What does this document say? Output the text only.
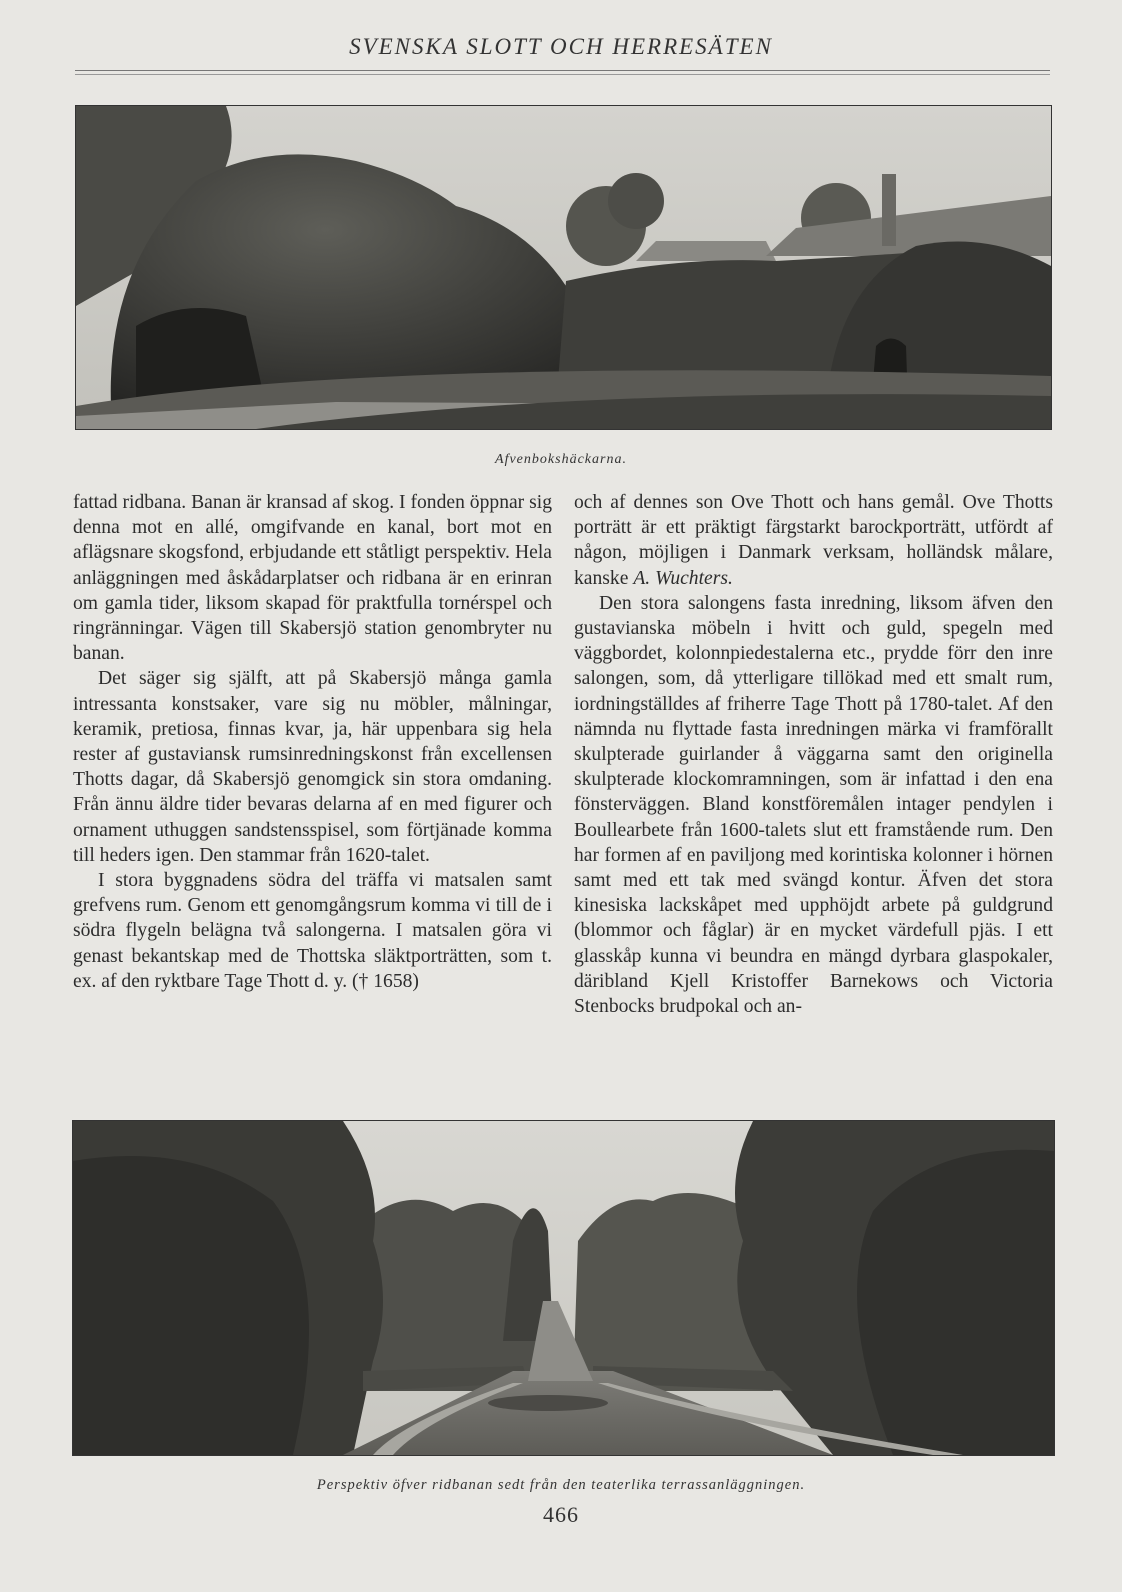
SVENSKA SLOTT OCH HERRESÄTEN
Afvenbokshäckarna.

fattad ridbana. Banan är kransad af skog. I fonden öppnar sig denna mot en allé, omgifvande en kanal, bort mot en aflägsnare skogsfond, erbjudande ett ståtligt perspektiv. Hela anläggningen med åskådarplatser och ridbana är en erinran om gamla tider, liksom skapad för praktfulla tornérspel och ringränningar. Vägen till Skabersjö station genombryter nu banan.

Det säger sig själft, att på Skabersjö många gamla intressanta konstsaker, vare sig nu möbler, målningar, keramik, pretiosa, finnas kvar, ja, här uppenbara sig hela rester af gustaviansk rumsinredningskonst från excellensen Thotts dagar, då Skabersjö genomgick sin stora omdaning. Från ännu äldre tider bevaras delarna af en med figurer och ornament uthuggen sandstensspisel, som förtjänade komma till heders igen. Den stammar från 1620-talet.

I stora byggnadens södra del träffa vi matsalen samt grefvens rum. Genom ett genomgångsrum komma vi till de i södra flygeln belägna två salongerna. I matsalen göra vi genast bekantskap med de Thottska släktporträtten, som t. ex. af den ryktbare Tage Thott d. y. († 1658)

och af dennes son Ove Thott och hans gemål. Ove Thotts porträtt är ett präktigt färgstarkt barockporträtt, utfördt af någon, möjligen i Danmark verksam, holländsk målare, kanske A. Wuchters.

Den stora salongens fasta inredning, liksom äfven den gustavianska möbeln i hvitt och guld, spegeln med väggbordet, kolonnpiedestalerna etc., prydde förr den inre salongen, som, då ytterligare tillökad med ett smalt rum, iordningställdes af friherre Tage Thott på 1780-talet. Af den nämnda nu flyttade fasta inredningen märka vi framförallt skulpterade guirlander å väggarna samt den originella skulpterade klockomramningen, som är infattad i den ena fönsterväggen. Bland konstföremålen intager pendylen i Boullearbete från 1600-talets slut ett framstående rum. Den har formen af en paviljong med korintiska kolonner i hörnen samt med ett tak med svängd kontur. Äfven det stora kinesiska lackskåpet med upphöjdt arbete på guldgrund (blommor och fåglar) är en mycket värdefull pjäs. I ett glasskåp kunna vi beundra en mängd dyrbara glaspokaler, däribland Kjell Kristoffer Barnekows och Victoria Stenbocks brudpokal och an-

Perspektiv öfver ridbanan sedt från den teaterlika terrassanläggningen.
466
